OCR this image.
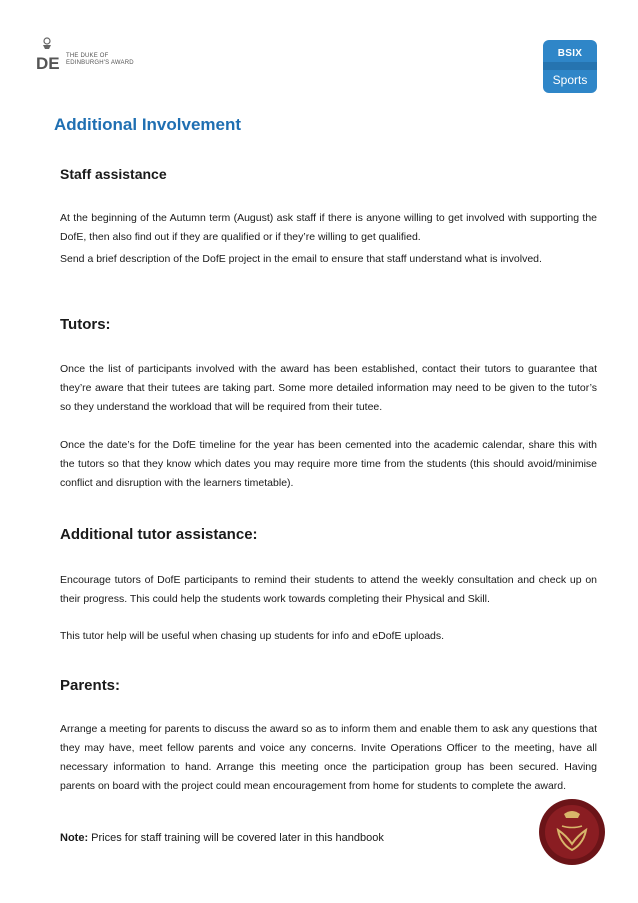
DE THE DUKE OF
EDINBURGH'S AWARD
BSIX
Sports
Additional Involvement
Staff assistance
At the beginning of the Autumn term (August) ask staff if there is anyone willing to get involved with supporting the DofE, then also find out if they are qualified or if they’re willing to get qualified.
Send a brief description of the DofE project in the email to ensure that staff understand what is involved.
Tutors:
Once the list of participants involved with the award has been established, contact their tutors to guarantee that they’re aware that their tutees are taking part. Some more detailed information may need to be given to the tutor’s so they understand the workload that will be required from their tutee.
Once the date’s for the DofE timeline for the year has been cemented into the academic calendar, share this with the tutors so that they know which dates you may require more time from the students (this should avoid/minimise conflict and disruption with the learners timetable).
Additional tutor assistance:
Encourage tutors of DofE participants to remind their students to attend the weekly consultation and check up on their progress. This could help the students work towards completing their Physical and Skill.
This tutor help will be useful when chasing up students for info and eDofE uploads.
Parents:
Arrange a meeting for parents to discuss the award so as to inform them and enable them to ask any questions that they may have, meet fellow parents and voice any concerns. Invite Operations Officer to the meeting, have all necessary information to hand. Arrange this meeting once the participation group has been secured. Having parents on board with the project could mean encouragement from home for students to complete the award.
Note: Prices for staff training will be covered later in this handbook
